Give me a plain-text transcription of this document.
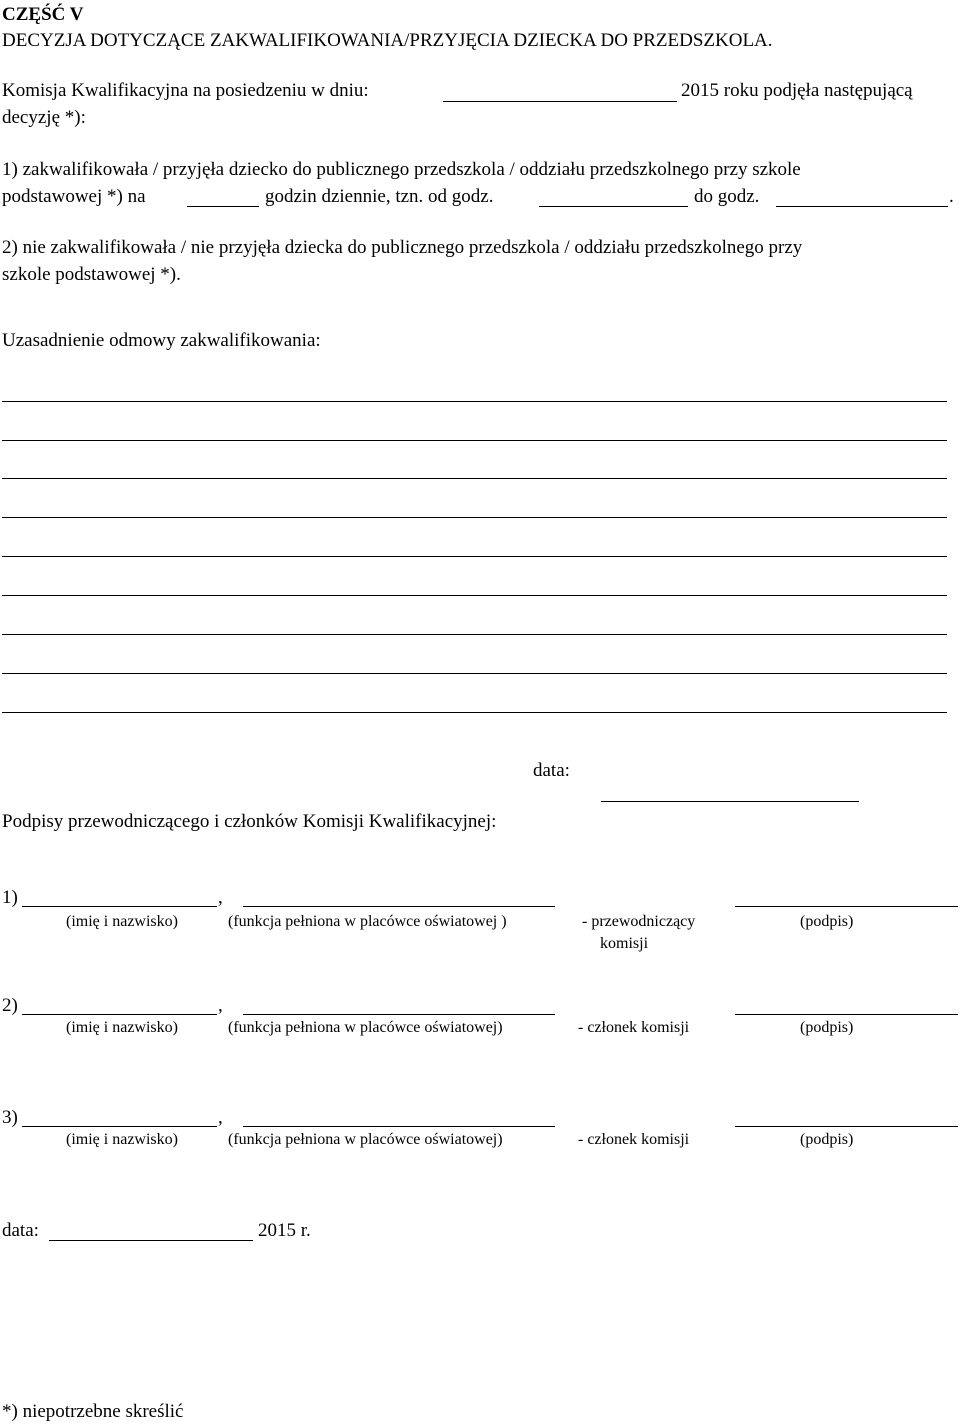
CZĘŚĆ V
DECYZJA DOTYCZĄCE ZAKWALIFIKOWANIA/PRZYJĘCIA DZIECKA DO PRZEDSZKOLA.
Komisja Kwalifikacyjna na posiedzeniu w dniu:	2015 roku podjęła następującą
decyzję *):
1) zakwalifikowała / przyjęła dziecko do publicznego przedszkola / oddziału przedszkolnego przy szkole
podstawowej *) na	godzin dziennie, tzn. od godz.	do godz.	.
2) nie zakwalifikowała / nie przyjęła dziecka do publicznego przedszkola / oddziału przedszkolnego przy
szkole podstawowej *).
Uzasadnienie odmowy zakwalifikowania:
data:
Podpisy przewodniczącego i członków Komisji Kwalifikacyjnej:
1)	,
(imię i nazwisko)	(funkcja pełniona w placówce oświatowej )	- przewodniczący
komisji
(podpis)
2)	,
(imię i nazwisko)	(funkcja pełniona w placówce oświatowej)	- członek komisji	(podpis)
3)	,
(imię i nazwisko)	(funkcja pełniona w placówce oświatowej)	- członek komisji	(podpis)
data:	2015 r.
*) niepotrzebne skreślić
